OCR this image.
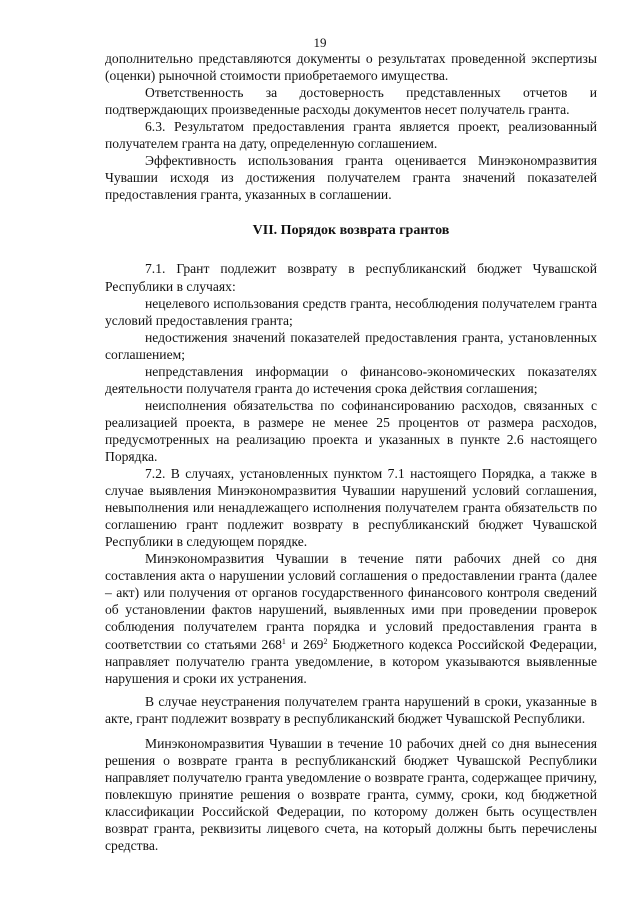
19

дополнительно представляются документы о результатах проведенной экспертизы (оценки) рыночной стоимости приобретаемого имущества.

Ответственность за достоверность представленных отчетов и подтверждающих произведенные расходы документов несет получатель гранта.

6.3. Результатом предоставления гранта является проект, реализованный получателем гранта на дату, определенную соглашением.

Эффективность использования гранта оценивается Минэкономразвития Чувашии исходя из достижения получателем гранта значений показателей предоставления гранта, указанных в соглашении.

VII. Порядок возврата грантов

7.1. Грант подлежит возврату в республиканский бюджет Чувашской Республики в случаях:

нецелевого использования средств гранта, несоблюдения получателем гранта условий предоставления гранта;

недостижения значений показателей предоставления гранта, установленных соглашением;

непредставления информации о финансово-экономических показателях деятельности получателя гранта до истечения срока действия соглашения;

неисполнения обязательства по софинансированию расходов, связанных с реализацией проекта, в размере не менее 25 процентов от размера расходов, предусмотренных на реализацию проекта и указанных в пункте 2.6 настоящего Порядка.

7.2. В случаях, установленных пунктом 7.1 настоящего Порядка, а также в случае выявления Минэкономразвития Чувашии нарушений условий соглашения, невыполнения или ненадлежащего исполнения получателем гранта обязательств по соглашению грант подлежит возврату в республиканский бюджет Чувашской Республики в следующем порядке.

Минэкономразвития Чувашии в течение пяти рабочих дней со дня составления акта о нарушении условий соглашения о предоставлении гранта (далее – акт) или получения от органов государственного финансового контроля сведений об установлении фактов нарушений, выявленных ими при проведении проверок соблюдения получателем гранта порядка и условий предоставления гранта в соответствии со статьями $268^1$ и $269^2$ Бюджетного кодекса Российской Федерации, направляет получателю гранта уведомление, в котором указываются выявленные нарушения и сроки их устранения.

В случае неустранения получателем гранта нарушений в сроки, указанные в акте, грант подлежит возврату в республиканский бюджет Чувашской Республики.

Минэкономразвития Чувашии в течение 10 рабочих дней со дня вынесения решения о возврате гранта в республиканский бюджет Чувашской Республики направляет получателю гранта уведомление о возврате гранта, содержащее причину, повлекшую принятие решения о возврате гранта, сумму, сроки, код бюджетной классификации Российской Федерации, по которому должен быть осуществлен возврат гранта, реквизиты лицевого счета, на который должны быть перечислены средства.
